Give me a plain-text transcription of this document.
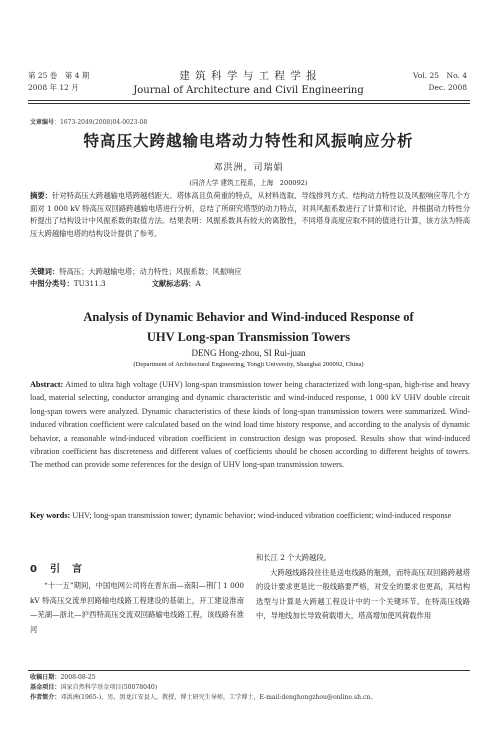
第 25 卷　第 4 期
2008 年 12 月
建 筑 科 学 与 工 程 学 报
Journal of Architecture and Civil Engineering
Vol. 25　No. 4
Dec. 2008
文章编号：1673-2049(2008)04-0023-08
特高压大跨越输电塔动力特性和风振响应分析
邓洪洲，司瑞娟
(同济大学 建筑工程系，上海　200092)
摘要：针对特高压大跨越输电塔跨越档距大、塔体高且负荷重的特点，从材料选取、导线排列方式、结构动力特性以及风振响应等几个方面对 1 000 kV 特高压双回路跨越输电塔进行分析，总结了所研究塔型的动力特点，对具风振系数进行了计算和讨论，并根据动力特性分析提出了结构设计中风振系数的取值方法。结果表明：风振系数具有较大的离散性，不同塔身高度应取不同的值进行计算，该方法为特高压大跨越输电塔的结构设计提供了参考。
关键词：特高压；大跨越输电塔；动力特性；风振系数；风振响应
中图分类号：TU311.3	文献标志码：A
Analysis of Dynamic Behavior and Wind-induced Response of
UHV Long-span Transmission Towers
DENG Hong-zhou, SI Rui-juan
(Department of Architectural Engineering, Tongji University, Shanghai 200092, China)
Abstract: Aimed to ultra high voltage (UHV) long-span transmission tower being characterized with long-span, high-rise and heavy load, material selecting, conductor arranging and dynamic characteristic and wind-induced response, 1 000 kV UHV double circuit long-span towers were analyzed. Dynamic characteristics of these kinds of long-span transmission towers were summarized. Wind-induced vibration coefficient were calculated based on the wind load time history response, and according to the analysis of dynamic behavior, a reasonable wind-induced vibration coefficient in construction design was proposed. Results show that wind-induced vibration coefficient has discreteness and different values of coefficients should be chosen according to different heights of towers. The method can provide some references for the design of UHV long-span transmission towers.
Key words: UHV; long-span transmission tower; dynamic behavior; wind-induced vibration coefficient; wind-induced response
0 引言
“十一五”期间，中国电网公司将在晋东南—南阳—荆门 1 000 kV 特高压交流单回路输电线路工程建设的基础上，开工建设淮南—芜湖—浙北—沪西特高压交流双回路输电线路工程，该线路有淮河

和长江 2 个大跨越段。

大跨越线路段往往是送电线路的瓶颈，而特高压双回路跨越塔的设计要求更是比一般线路要严格，对安全的要求也更高，其结构选型与计算是大跨越工程设计中的一个关键环节。在特高压线路中，导地线加长导致荷载增大，塔高增加使风荷载作用

收稿日期：2008-08-25
基金项目：国家自然科学基金项目(50078040)
作者简介：邓洪洲(1965-)，男，黑龙江安县人，教授，博士研究生导师，工学博士，E-mail:denghongzhou@online.sh.cn。
